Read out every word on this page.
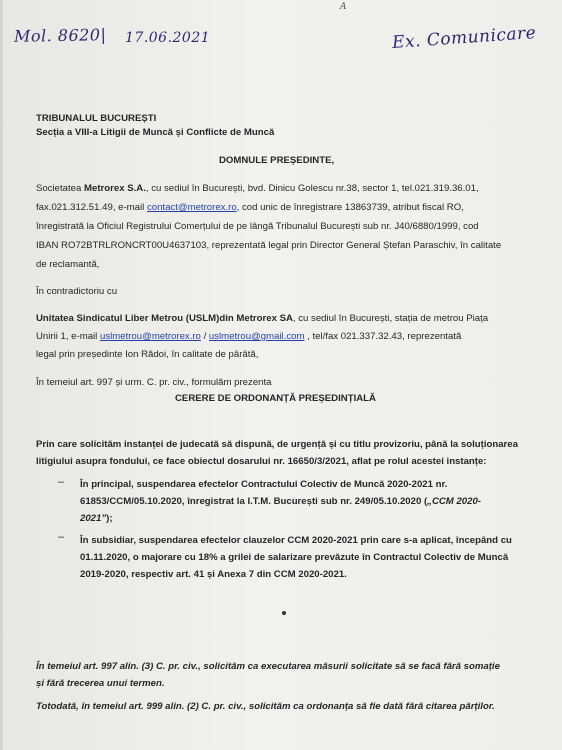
A
Mol. 8620| 17.06.2021	Ex. Comunicare
TRIBUNALUL BUCUREȘTI
Secția a VIII-a Litigii de Muncă și Conflicte de Muncă
DOMNULE PREȘEDINTE,
Societatea Metrorex S.A., cu sediul în București, bvd. Dinicu Golescu nr.38, sector 1, tel.021.319.36.01,
fax.021.312.51.49, e-mail contact@metrorex.ro, cod unic de înregistrare 13863739, atribut fiscal RO,
înregistrată la Oficiul Registrului Comerțului de pe lângă Tribunalul București sub nr. J40/6880/1999, cod
IBAN RO72BTRLRONCRT00U4637103, reprezentată legal prin Director General Ștefan Paraschiv, în calitate
de reclamantă,
În contradictoriu cu
Unitatea Sindicatul Liber Metrou (USLM)din Metrorex SA, cu sediul în București, stația de metrou Piața
Unirii 1, e-mail uslmetrou@metrorex.ro / uslmetrou@gmail.com , tel/fax 021.337.32.43, reprezentată
legal prin președinte Ion Rădoi, în calitate de pârâtă,
În temeiul art. 997 și urm. C. pr. civ., formulăm prezenta
CERERE DE ORDONANȚĂ PREȘEDINȚIALĂ
Prin care solicităm instanței de judecată să dispună, de urgență și cu titlu provizoriu, până la soluționarea
litigiului asupra fondului, ce face obiectul dosarului nr. 16650/3/2021, aflat pe rolul acestei instanțe:
– În principal, suspendarea efectelor Contractului Colectiv de Muncă 2020-2021 nr.
61853/CCM/05.10.2020, înregistrat la I.T.M. București sub nr. 249/05.10.2020 („CCM 2020-
2021”);
– În subsidiar, suspendarea efectelor clauzelor CCM 2020-2021 prin care s-a aplicat, începând cu
01.11.2020, o majorare cu 18% a grilei de salarizare prevăzute în Contractul Colectiv de Muncă
2019-2020, respectiv art. 41 și Anexa 7 din CCM 2020-2021.
În temeiul art. 997 alin. (3) C. pr. civ., solicităm ca executarea măsurii solicitate să se facă fără somație
și fără trecerea unui termen.
Totodată, în temeiul art. 999 alin. (2) C. pr. civ., solicităm ca ordonanța să fie dată fără citarea părților.
